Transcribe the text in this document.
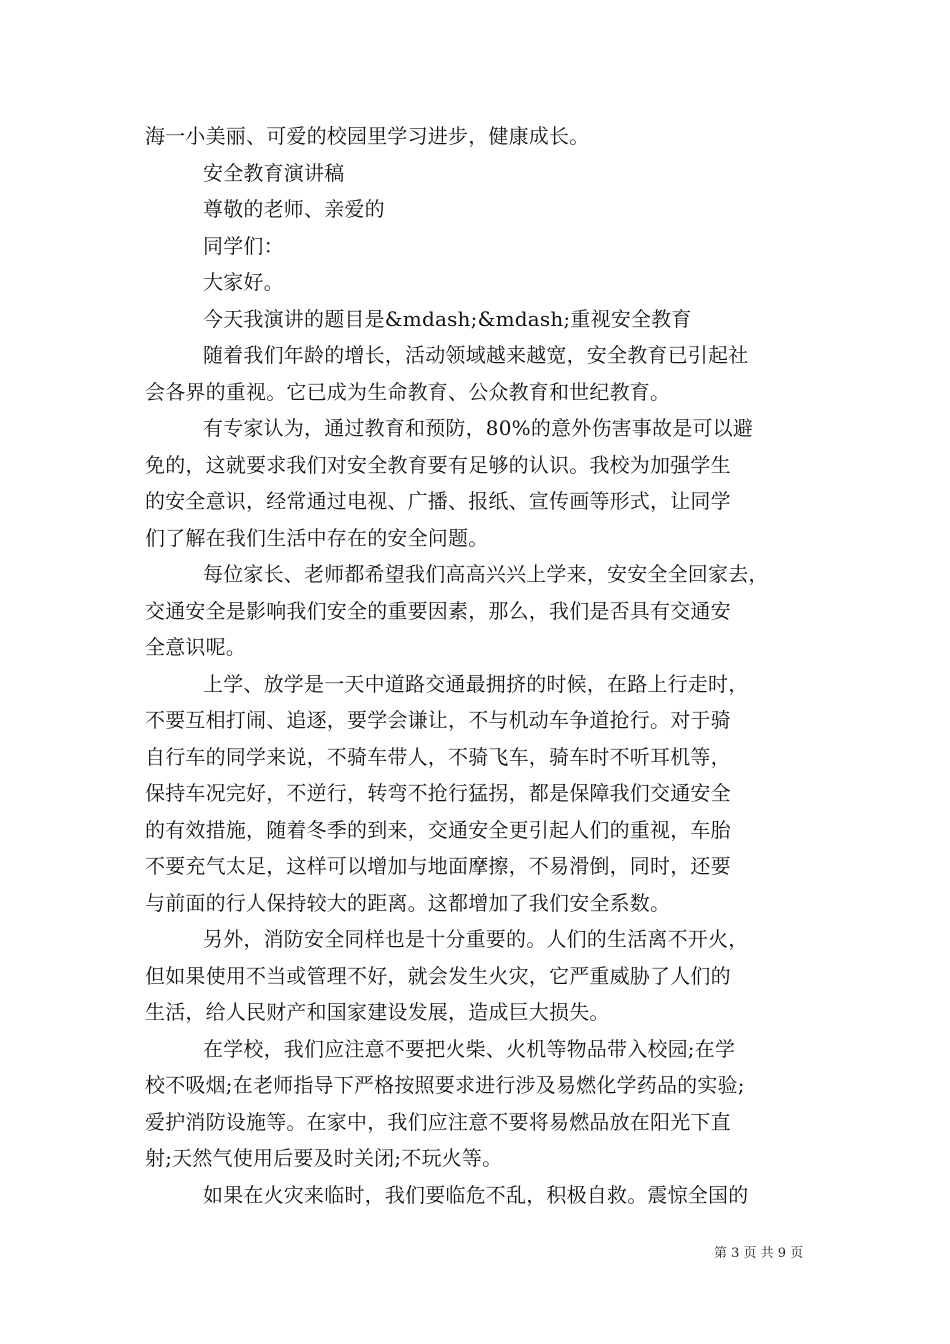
海一小美丽、可爱的校园里学习进步，健康成长。
安全教育演讲稿
尊敬的老师、亲爱的
同学们：
大家好。
今天我演讲的题目是&mdash;&mdash;重视安全教育
随着我们年龄的增长，活动领域越来越宽，安全教育已引起社
会各界的重视。它已成为生命教育、公众教育和世纪教育。
有专家认为，通过教育和预防，80%的意外伤害事故是可以避
免的，这就要求我们对安全教育要有足够的认识。我校为加强学生
的安全意识，经常通过电视、广播、报纸、宣传画等形式，让同学
们了解在我们生活中存在的安全问题。
每位家长、老师都希望我们高高兴兴上学来，安安全全回家去，
交通安全是影响我们安全的重要因素，那么，我们是否具有交通安
全意识呢。
上学、放学是一天中道路交通最拥挤的时候，在路上行走时，
不要互相打闹、追逐，要学会谦让，不与机动车争道抢行。对于骑
自行车的同学来说，不骑车带人，不骑飞车，骑车时不听耳机等，
保持车况完好，不逆行，转弯不抢行猛拐，都是保障我们交通安全
的有效措施，随着冬季的到来，交通安全更引起人们的重视，车胎
不要充气太足，这样可以增加与地面摩擦，不易滑倒，同时，还要
与前面的行人保持较大的距离。这都增加了我们安全系数。
另外，消防安全同样也是十分重要的。人们的生活离不开火，
但如果使用不当或管理不好，就会发生火灾，它严重威胁了人们的
生活，给人民财产和国家建设发展，造成巨大损失。
在学校，我们应注意不要把火柴、火机等物品带入校园;在学
校不吸烟;在老师指导下严格按照要求进行涉及易燃化学药品的实验;
爱护消防设施等。在家中，我们应注意不要将易燃品放在阳光下直
射;天然气使用后要及时关闭;不玩火等。
如果在火灾来临时，我们要临危不乱，积极自救。震惊全国的
第 3 页 共 9 页
